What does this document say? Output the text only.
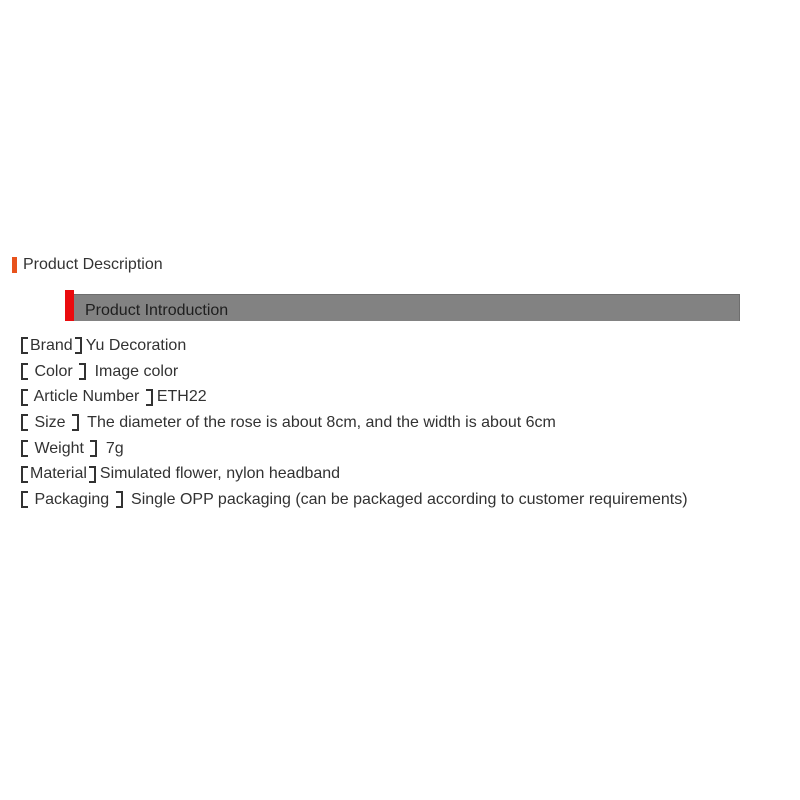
Product Description
Product Introduction
Brand Yu Decoration
Color Image color
Article Number ETH22
Size The diameter of the rose is about 8cm, and the width is about 6cm
Weight 7g
Material Simulated flower, nylon headband
Packaging Single OPP packaging (can be packaged according to customer requirements)
